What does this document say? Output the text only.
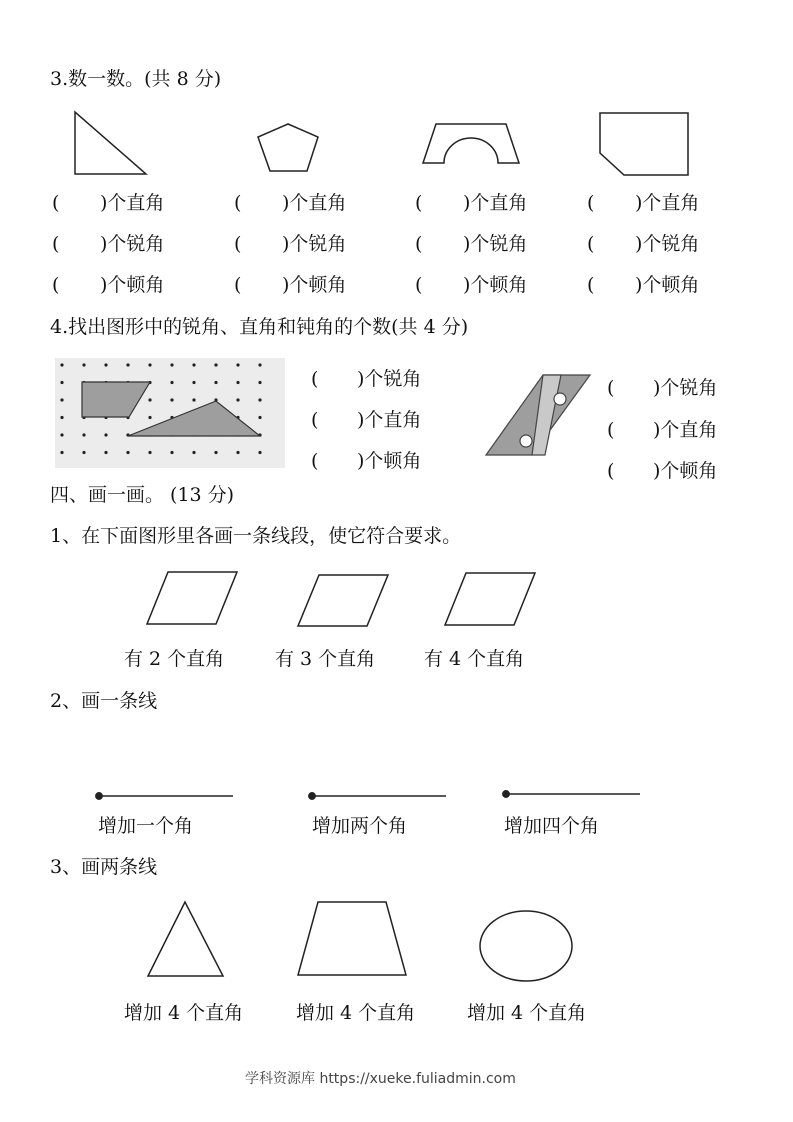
3.数一数。(共 8 分)
( )个直角	( )个直角	( )个直角	( )个直角
( )个锐角	( )个锐角	( )个锐角	( )个锐角
( )个顿角	( )个顿角	( )个顿角	( )个顿角
4.找出图形中的锐角、直角和钝角的个数(共 4 分)
( )个锐角
( )个直角
( )个顿角
( )个锐角
( )个直角
( )个顿角
四、画一画。 (13 分)
1、在下面图形里各画一条线段，使它符合要求。
有 2 个直角	有 3 个直角	有 4 个直角
2、画一条线
增加一个角	增加两个角	增加四个角
3、画两条线
增加 4 个直角	增加 4 个直角	增加 4 个直角
学科资源库 https://xueke.fuliadmin.com
